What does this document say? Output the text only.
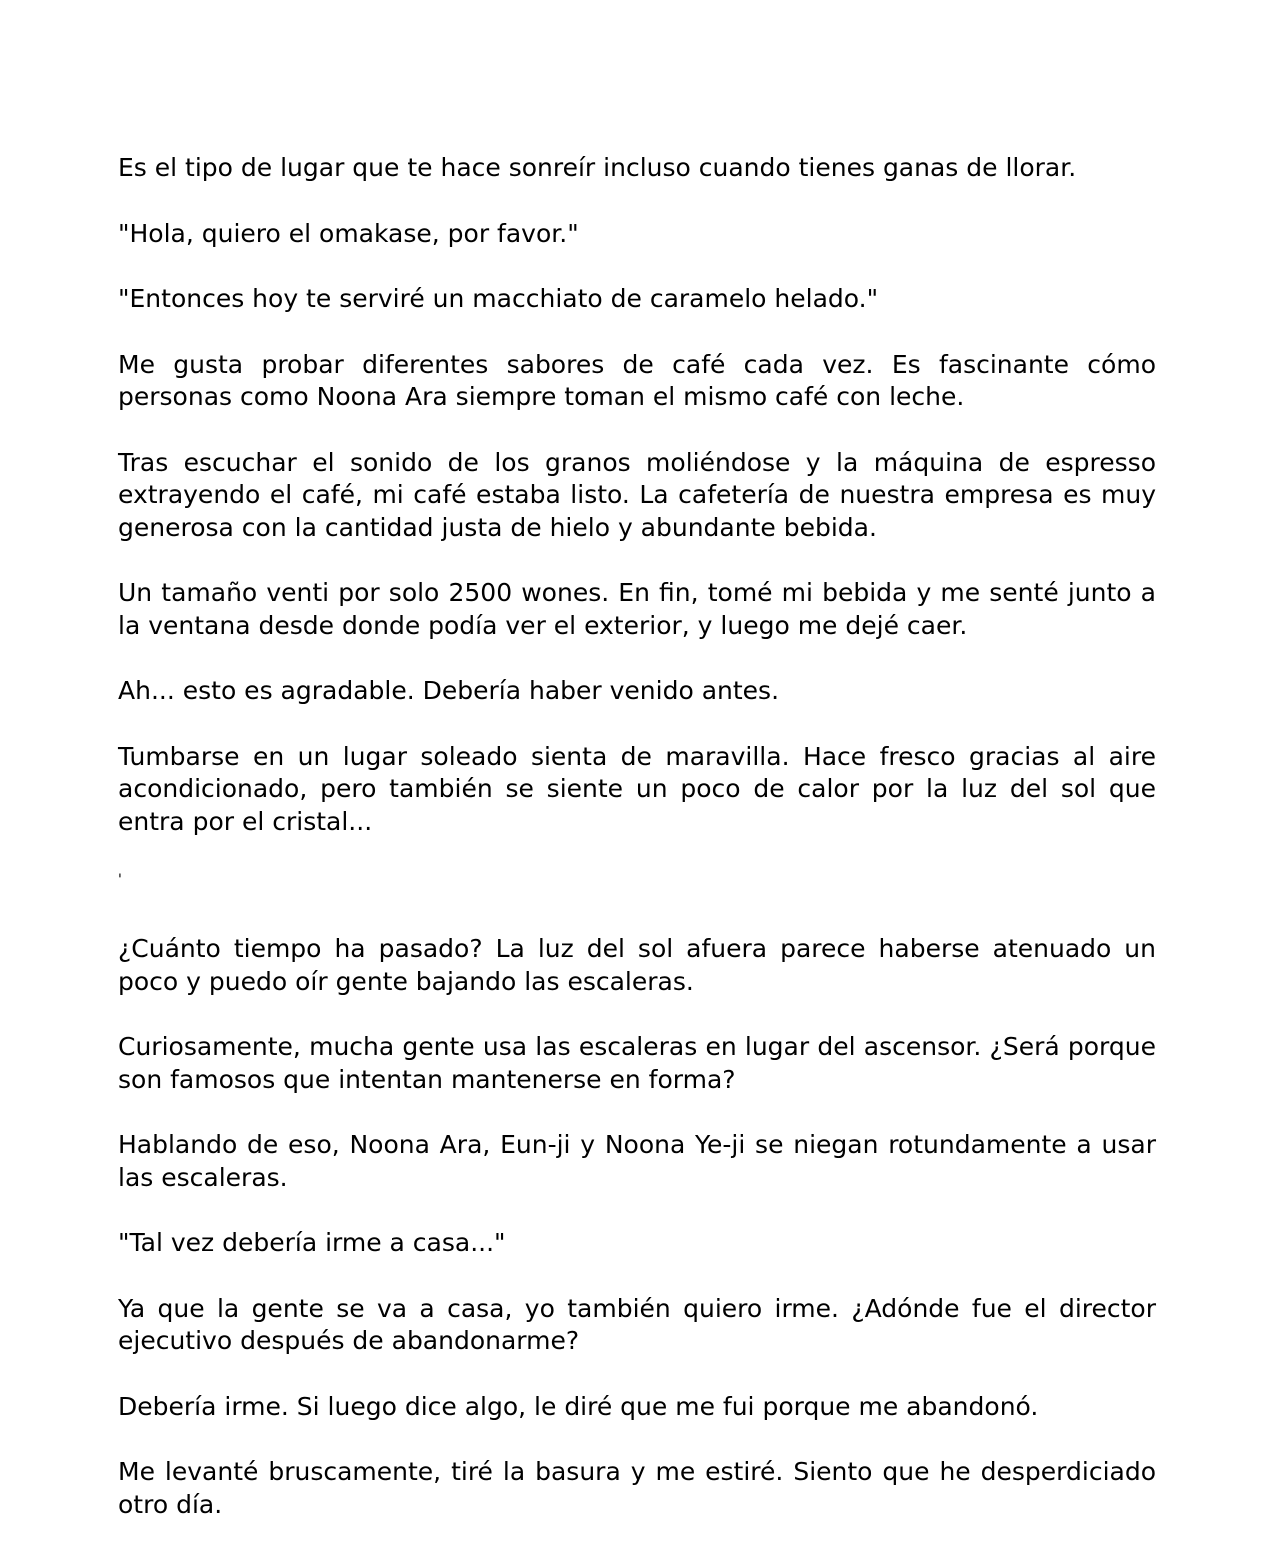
Es el tipo de lugar que te hace sonreír incluso cuando tienes ganas de llorar.

"Hola, quiero el omakase, por favor."

"Entonces hoy te serviré un macchiato de caramelo helado."

Me gusta probar diferentes sabores de café cada vez. Es fascinante cómo personas como Noona Ara siempre toman el mismo café con leche.

Tras escuchar el sonido de los granos moliéndose y la máquina de espresso extrayendo el café, mi café estaba listo. La cafetería de nuestra empresa es muy generosa con la cantidad justa de hielo y abundante bebida.

Un tamaño venti por solo 2500 wones. En fin, tomé mi bebida y me senté junto a la ventana desde donde podía ver el exterior, y luego me dejé caer.

Ah... esto es agradable. Debería haber venido antes.

Tumbarse en un lugar soleado sienta de maravilla. Hace fresco gracias al aire acondicionado, pero también se siente un poco de calor por la luz del sol que entra por el cristal...

'

¿Cuánto tiempo ha pasado? La luz del sol afuera parece haberse atenuado un poco y puedo oír gente bajando las escaleras.

Curiosamente, mucha gente usa las escaleras en lugar del ascensor. ¿Será porque son famosos que intentan mantenerse en forma?

Hablando de eso, Noona Ara, Eun-ji y Noona Ye-ji se niegan rotundamente a usar las escaleras.

"Tal vez debería irme a casa..."

Ya que la gente se va a casa, yo también quiero irme. ¿Adónde fue el director ejecutivo después de abandonarme?

Debería irme. Si luego dice algo, le diré que me fui porque me abandonó.

Me levanté bruscamente, tiré la basura y me estiré. Siento que he desperdiciado otro día.
